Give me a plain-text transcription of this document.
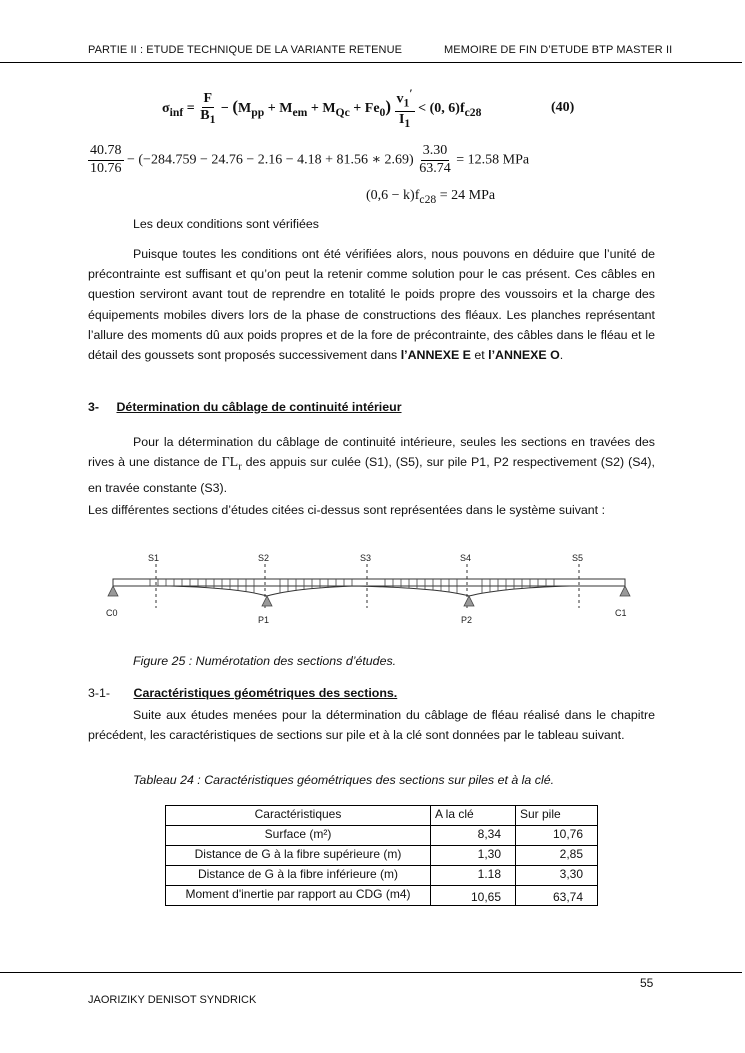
PARTIE II : ETUDE TECHNIQUE DE LA VARIANTE RETENUE	MEMOIRE DE FIN D’ETUDE BTP MASTER II
$\sigma_{inf} = \frac{F}{B_1} - (M_{pp} + M_{em} + M_{Qc} + Fe_0) \frac{v_1'}{I_1} < (0$, $6)f_{c28}$	(40)
$\frac{40.78}{10.76} - (-284.759 - 24.76 - 2.16 - 4.18 + 81.56$ ∗ $2.69) \frac{3.30}{63.74} = 12.58$ MPa
$(0,6 - k)f_{c28} = 24$ MPa
Les deux conditions sont vérifiées
Puisque toutes les conditions ont été vérifiées alors, nous pouvons en déduire que l’unité de précontrainte est suffisant et qu’on peut la retenir comme solution pour le cas présent. Ces câbles en question serviront avant tout de reprendre en totalité le poids propre des voussoirs et la charge des équipements mobiles divers lors de la phase de constructions des fléaux. Les planches représentant l’allure des moments dû aux poids propres et de la fore de précontrainte, des câbles dans le fléau et le détail des goussets sont proposés successivement dans l’ANNEXE E et l’ANNEXE O.
3- Détermination du câblage de continuité intérieur
Pour la détermination du câblage de continuité intérieure, seules les sections en travées des rives à une distance de $\Gamma L_r$ des appuis sur culée (S1), (S5), sur pile P1, P2 respectivement (S2) (S4), en travée constante (S3).
Les différentes sections d’études citées ci-dessus sont représentées dans le système suivant :
S1	S2	S3	S4	S5
C0
P1	P2
C1
Figure 25 : Numérotation des sections d’études.
3-1- Caractéristiques géométriques des sections.
Suite aux études menées pour la détermination du câblage de fléau réalisé dans le chapitre précédent, les caractéristiques de sections sur pile et à la clé sont données par le tableau suivant.
Tableau 24 : Caractéristiques géométriques des sections sur piles et à la clé.
Caractéristiques	A la clé	Sur pile
Surface (m²)	8,34	10,76
Distance de G à la fibre supérieure (m)	1,30	2,85
Distance de G à la fibre inférieure (m)	1.18	3,30
Moment d'inertie par rapport au CDG (m4)	10,65	63,74
55
JAORIZIKY DENISOT SYNDRICK
